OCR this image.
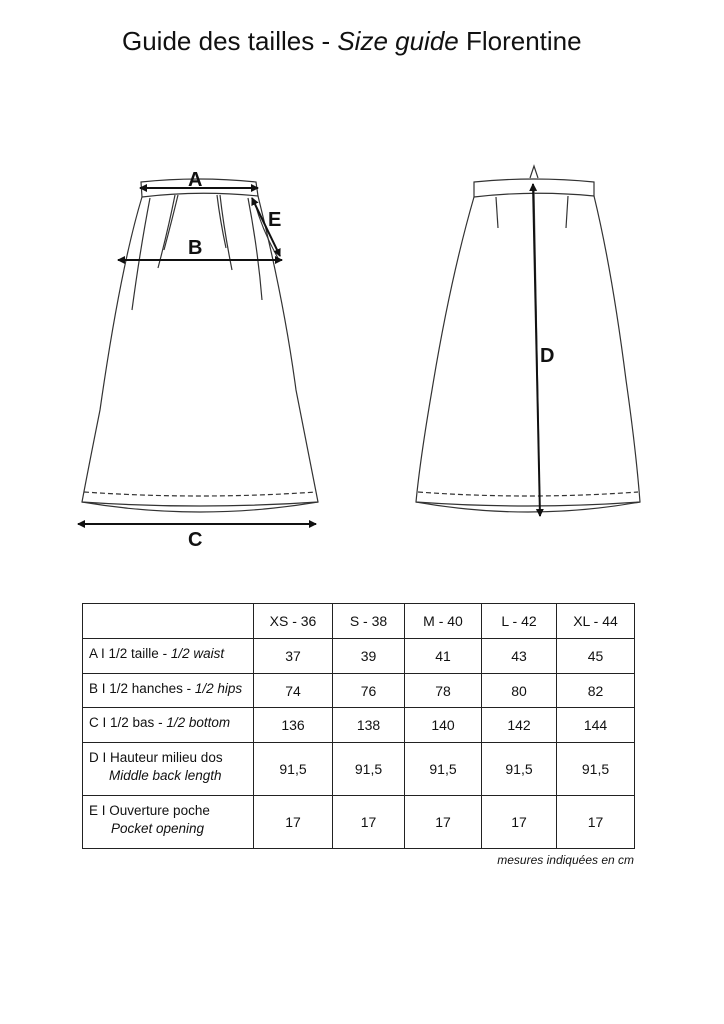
Guide des tailles - Size guide Florentine
A
E
B
C
D
	XS - 36	S - 38	M - 40	L - 42	XL - 44
A I 1/2 taille - 1/2 waist	37	39	41	43	45
B I 1/2 hanches - 1/2 hips	74	76	78	80	82
C I 1/2 bas - 1/2 bottom	136	138	140	142	144
D I Hauteur milieu dos
Middle back length	91,5	91,5	91,5	91,5	91,5
E I Ouverture poche
Pocket opening	17	17	17	17	17
mesures indiquées en cm
